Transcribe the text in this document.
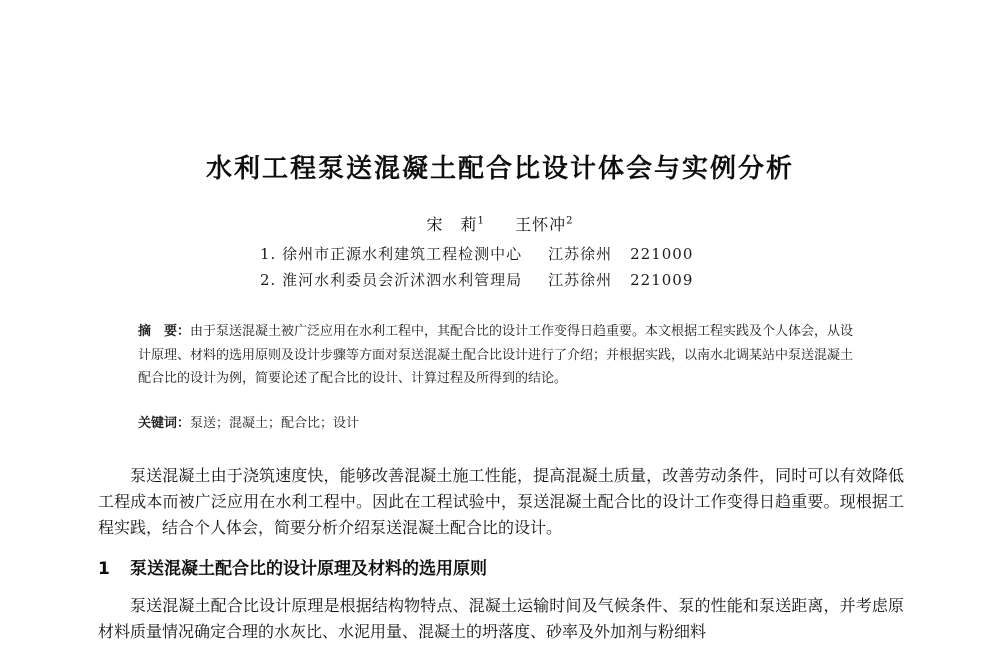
水利工程泵送混凝土配合比设计体会与实例分析
宋　莉$^1$ 王怀冲$^2$
1. 徐州市正源水利建筑工程检测中心 江苏徐州 221000
2. 淮河水利委员会沂沭泗水利管理局 江苏徐州 221009
摘　要：由于泵送混凝土被广泛应用在水利工程中，其配合比的设计工作变得日趋重要。本文根据工程实践及个人体会，从设计原理、材料的选用原则及设计步骤等方面对泵送混凝土配合比设计进行了介绍；并根据实践，以南水北调某站中泵送混凝土配合比的设计为例，简要论述了配合比的设计、计算过程及所得到的结论。
关键词：泵送；混凝土；配合比；设计
泵送混凝土由于浇筑速度快，能够改善混凝土施工性能，提高混凝土质量，改善劳动条件，同时可以有效降低工程成本而被广泛应用在水利工程中。因此在工程试验中，泵送混凝土配合比的设计工作变得日趋重要。现根据工程实践，结合个人体会，简要分析介绍泵送混凝土配合比的设计。
1 泵送混凝土配合比的设计原理及材料的选用原则
泵送混凝土配合比设计原理是根据结构物特点、混凝土运输时间及气候条件、泵的性能和泵送距离，并考虑原材料质量情况确定合理的水灰比、水泥用量、混凝土的坍落度、砂率及外加剂与粉细料
